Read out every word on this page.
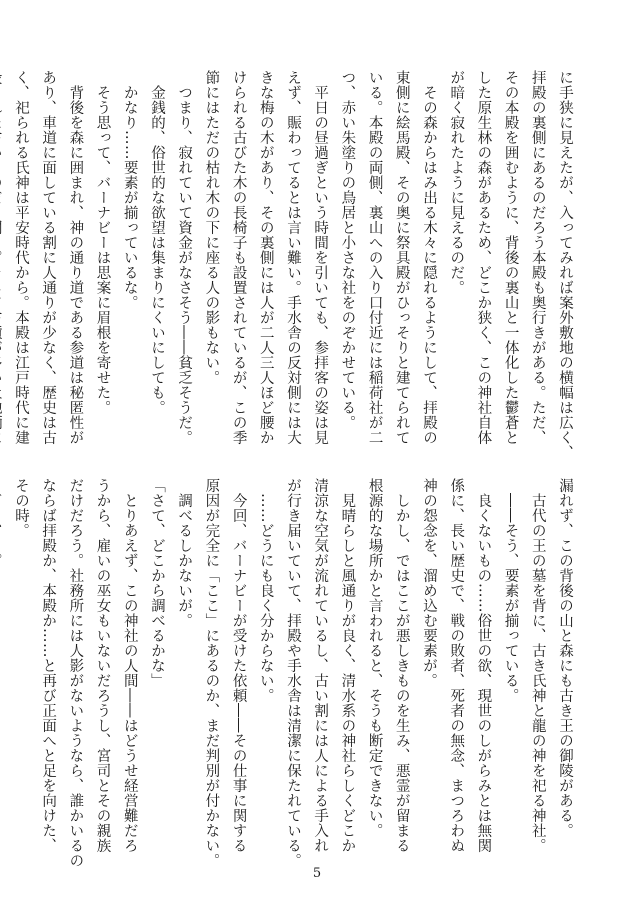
に手狭に見えたが、入ってみれば案外敷地の横幅は広く、
拝殿の裏側にあるのだろう本殿も奥行きがある。ただ、
その本殿を囲むように、背後の裏山と一体化した鬱蒼と
した原生林の森があるため、どこか狭く、この神社自体
が暗く寂れたように見えるのだ。
　その森からはみ出る木々に隠れるようにして、拝殿の
東側に絵馬殿、その奥に祭具殿がひっそりと建てられて
いる。本殿の両側、裏山への入り口付近には稲荷社が二
つ、赤い朱塗りの鳥居と小さな社をのぞかせている。
　平日の昼過ぎという時間を引いても、参拝客の姿は見
えず、賑わってるとは言い難い。手水舎の反対側には大
きな梅の木があり、その裏側には人が二人三人ほど腰か
けられる古びた木の長椅子も設置されているが、この季
節にはただの枯れ木の下に座る人の影もない。
　つまり、寂れていて資金がなさそう――貧乏そうだ。
　金銭的、俗世的な欲望は集まりにくいにしても。
　かなり……要素が揃っているな。
　そう思って、バーナビーは思案に眉根を寄せた。
　背後を森に囲まれ、神の通り道である参道は秘匿性が
あり、車道に面している割に人通りが少なく、歴史は古
く、祀られる氏神は平安時代から。本殿は江戸時代に建
漏れず、この背後の山と森にも古き王の御陵がある。
　古代の王の墓を背に、古き氏神と龍の神を祀る神社。
　――そう、要素が揃っている。
　良くないもの……俗世の欲、現世のしがらみとは無関
係に、長い歴史で、戦の敗者、死者の無念、まつろわぬ
神の怨念を、溜め込む要素が。
　しかし、ではここが悪しきものを生み、悪霊が留まる
根源的な場所かと言われると、そうも断定できない。
　見晴らしと風通りが良く、清水系の神社らしくどこか
清涼な空気が流れているし、古い割には人による手入れ
が行き届いていて、拝殿や手水舎は清潔に保たれている。
　……どうにも良く分からない。
　今回、バーナビーが受けた依頼――その仕事に関する
原因が完全に「ここ」にあるのか、まだ判別が付かない。
　調べるしかないが。
「さて、どこから調べるかな」
　とりあえず、この神社の人間――はどうせ経営難だろ
うから、雇いの巫女もいないだろうし、宮司とその親族
だけだろう。社務所には人影がないようなら、誰かいるの
ならば拝殿か、本殿か……と再び正面へと足を向けた、
その時。
5
